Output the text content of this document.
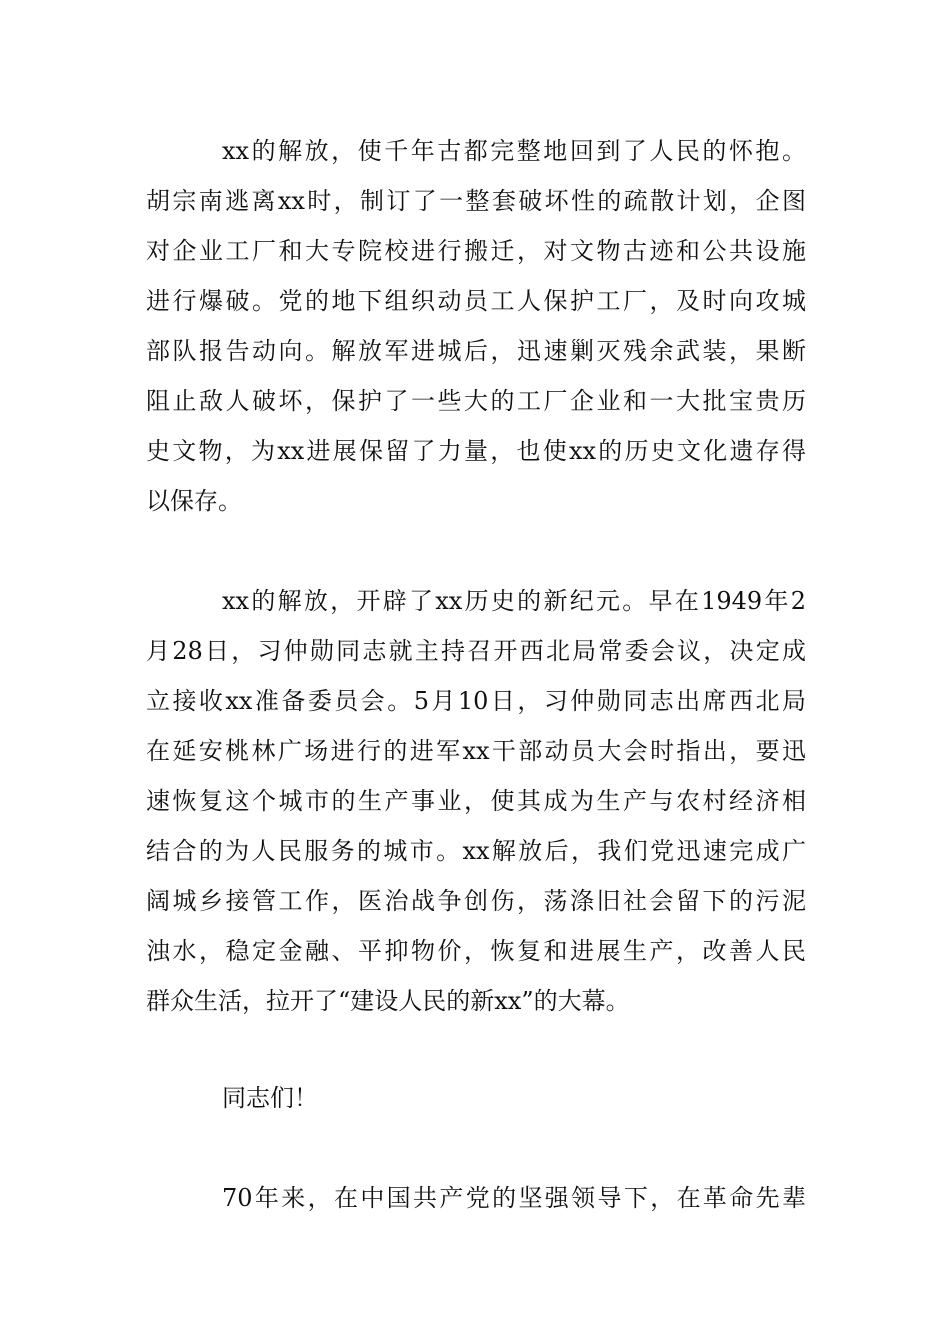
xx的解放，使千年古都完整地回到了人民的怀抱。

胡宗南逃离xx时，制订了一整套破坏性的疏散计划，企图

对企业工厂和大专院校进行搬迁，对文物古迹和公共设施

进行爆破。党的地下组织动员工人保护工厂，及时向攻城

部队报告动向。解放军进城后，迅速剿灭残余武装，果断

阻止敌人破坏，保护了一些大的工厂企业和一大批宝贵历

史文物，为xx进展保留了力量，也使xx的历史文化遗存得

以保存。

xx的解放，开辟了xx历史的新纪元。早在1949年2

月28日，习仲勋同志就主持召开西北局常委会议，决定成

立接收xx准备委员会。5月10日，习仲勋同志出席西北局

在延安桃林广场进行的进军xx干部动员大会时指出，要迅

速恢复这个城市的生产事业，使其成为生产与农村经济相

结合的为人民服务的城市。xx解放后，我们党迅速完成广

阔城乡接管工作，医治战争创伤，荡涤旧社会留下的污泥

浊水，稳定金融、平抑物价，恢复和进展生产，改善人民

群众生活，拉开了“建设人民的新xx”的大幕。

同志们！

70年来，在中国共产党的坚强领导下，在革命先辈
